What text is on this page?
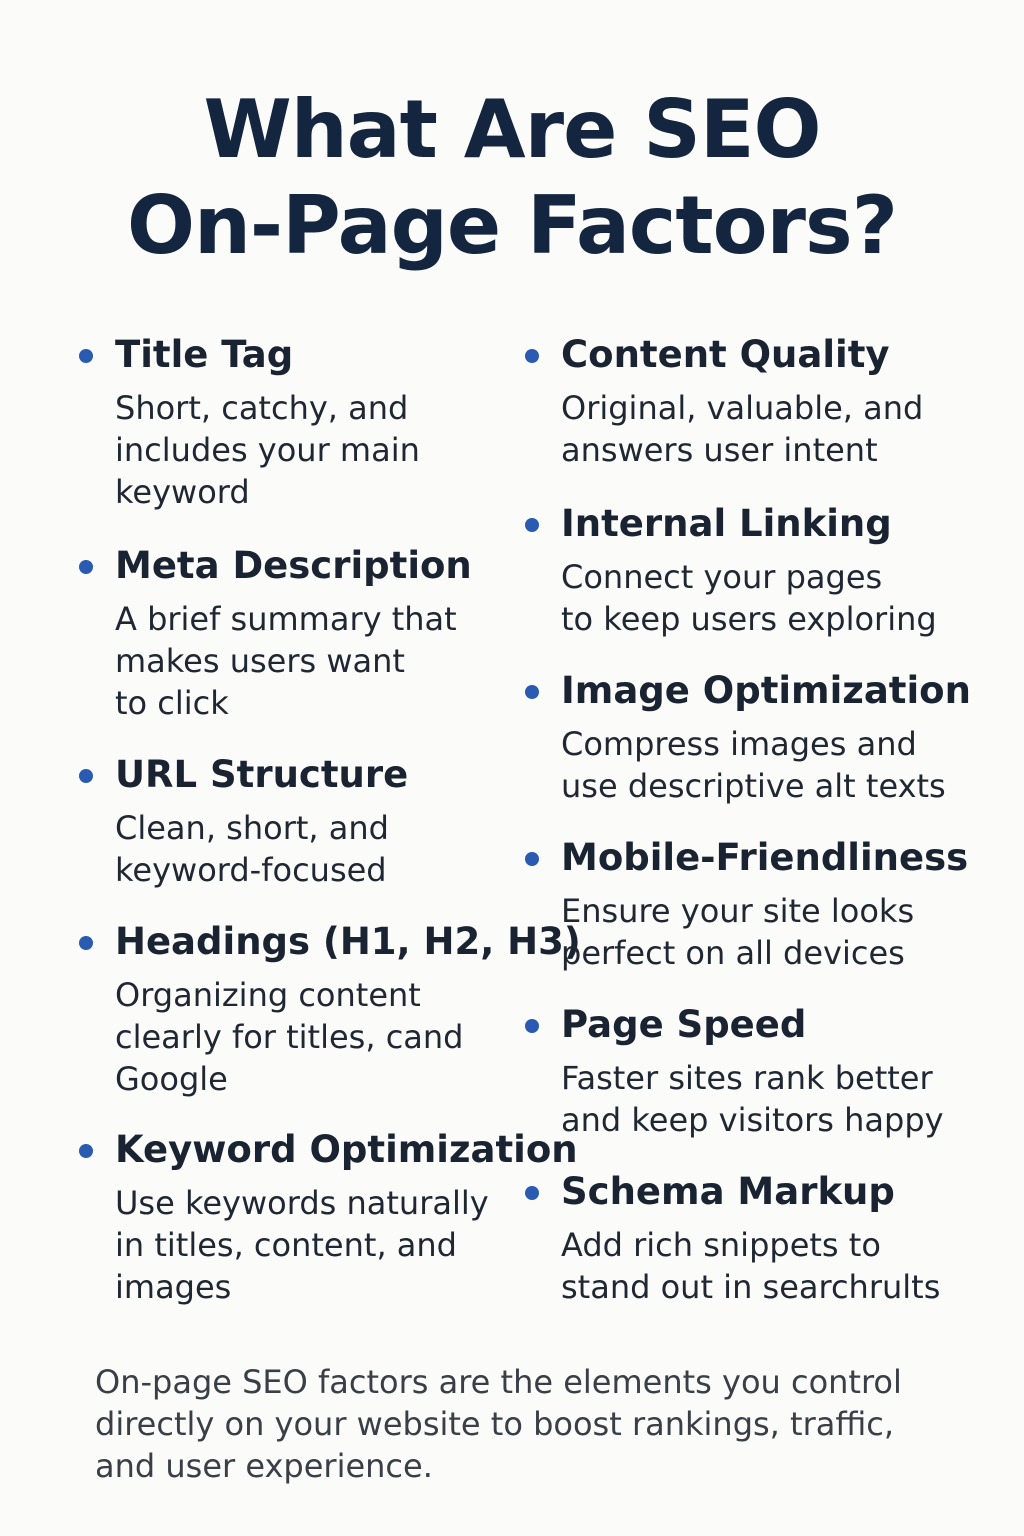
What Are SEO
On-Page Factors?
Title Tag
Short, catchy, and
includes your main
keyword
Meta Description
A brief summary that
makes users want
to click
URL Structure
Clean, short, and
keyword-focused
Headings (H1, H2, H3)
Organizing content
clearly for titles, cand
Google
Keyword Optimization
Use keywords naturally
in titles, content, and
images
Content Quality
Original, valuable, and
answers user intent
Internal Linking
Connect your pages
to keep users exploring
Image Optimization
Compress images and
use descriptive alt texts
Mobile-Friendliness
Ensure your site looks
perfect on all devices
Page Speed
Faster sites rank better
and keep visitors happy
Schema Markup
Add rich snippets to
stand out in searchrults

On-page SEO factors are the elements you control
directly on your website to boost rankings, traffic,
and user experience.
